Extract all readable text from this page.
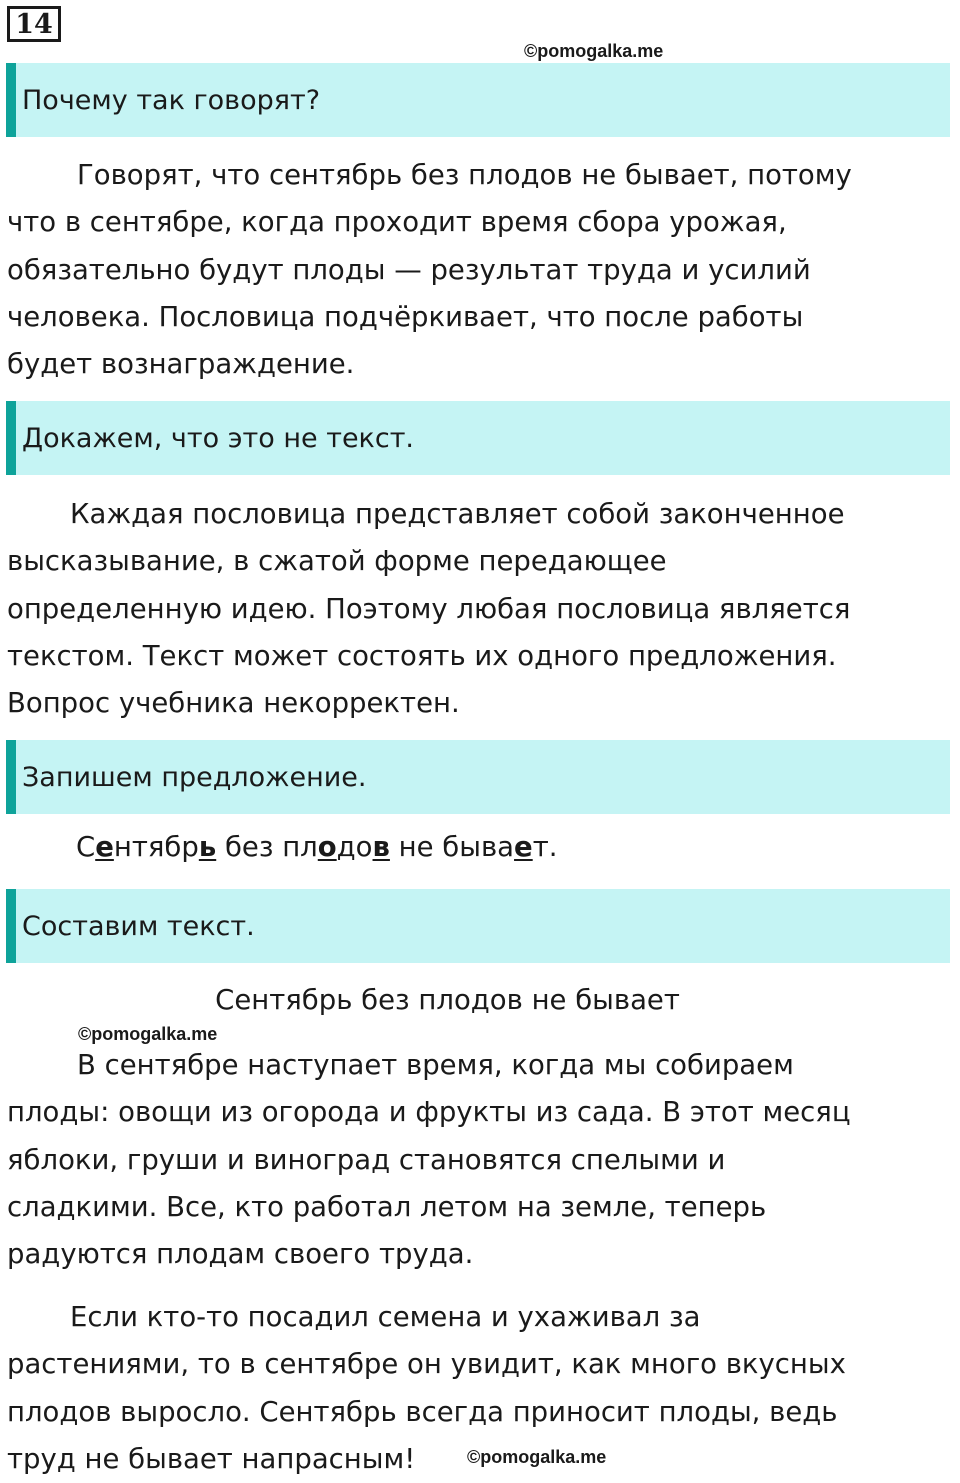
14
©pomogalka.me
Почему так говорят?
Говорят, что сентябрь без плодов не бывает, потому
что в сентябре, когда проходит время сбора урожая,
обязательно будут плоды — результат труда и усилий
человека. Пословица подчёркивает, что после работы
будет вознаграждение.
Докажем, что это не текст.
Каждая пословица представляет собой законченное
высказывание, в сжатой форме передающее
определенную идею. Поэтому любая пословица является
текстом. Текст может состоять их одного предложения.
Вопрос учебника некорректен.
Запишем предложение.
Сентябрь без плодов не бывает.
Составим текст.
Сентябрь без плодов не бывает
©pomogalka.me
В сентябре наступает время, когда мы собираем
плоды: овощи из огорода и фрукты из сада. В этот месяц
яблоки, груши и виноград становятся спелыми и
сладкими. Все, кто работал летом на земле, теперь
радуются плодам своего труда.
Если кто-то посадил семена и ухаживал за
растениями, то в сентябре он увидит, как много вкусных
плодов выросло. Сентябрь всегда приносит плоды, ведь
труд не бывает напрасным!	©pomogalka.me
